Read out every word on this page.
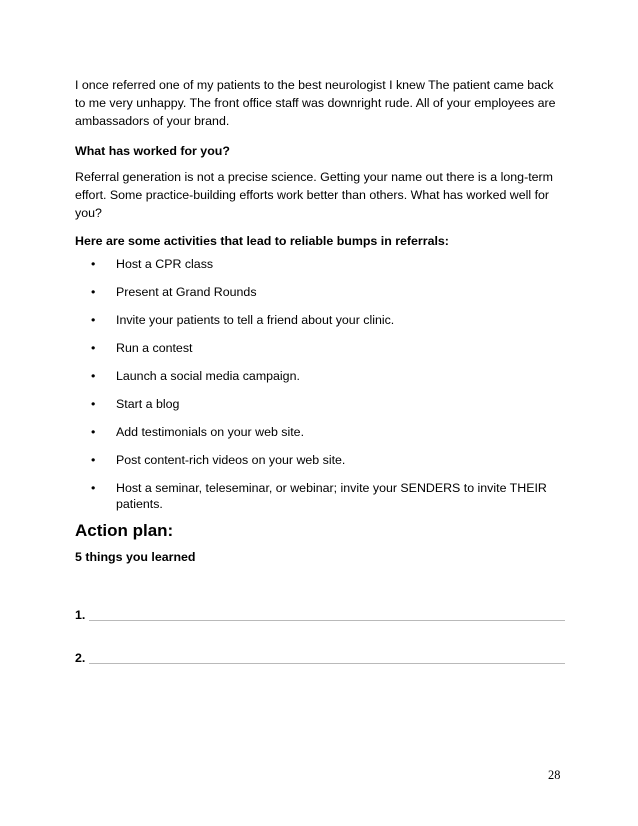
I once referred one of my patients to the best neurologist I knew The patient came back to me very unhappy. The front office staff was downright rude. All of your employees are ambassadors of your brand.

What has worked for you?

Referral generation is not a precise science. Getting your name out there is a long-term effort. Some practice-building efforts work better than others. What has worked well for you?

Here are some activities that lead to reliable bumps in referrals:

• Host a CPR class
• Present at Grand Rounds
• Invite your patients to tell a friend about your clinic.
• Run a contest
• Launch a social media campaign.
• Start a blog
• Add testimonials on your web site.
• Post content-rich videos on your web site.
• Host a seminar, teleseminar, or webinar; invite your SENDERS to invite THEIR patients.
Action plan:

5 things you learned

1.
2.
28
